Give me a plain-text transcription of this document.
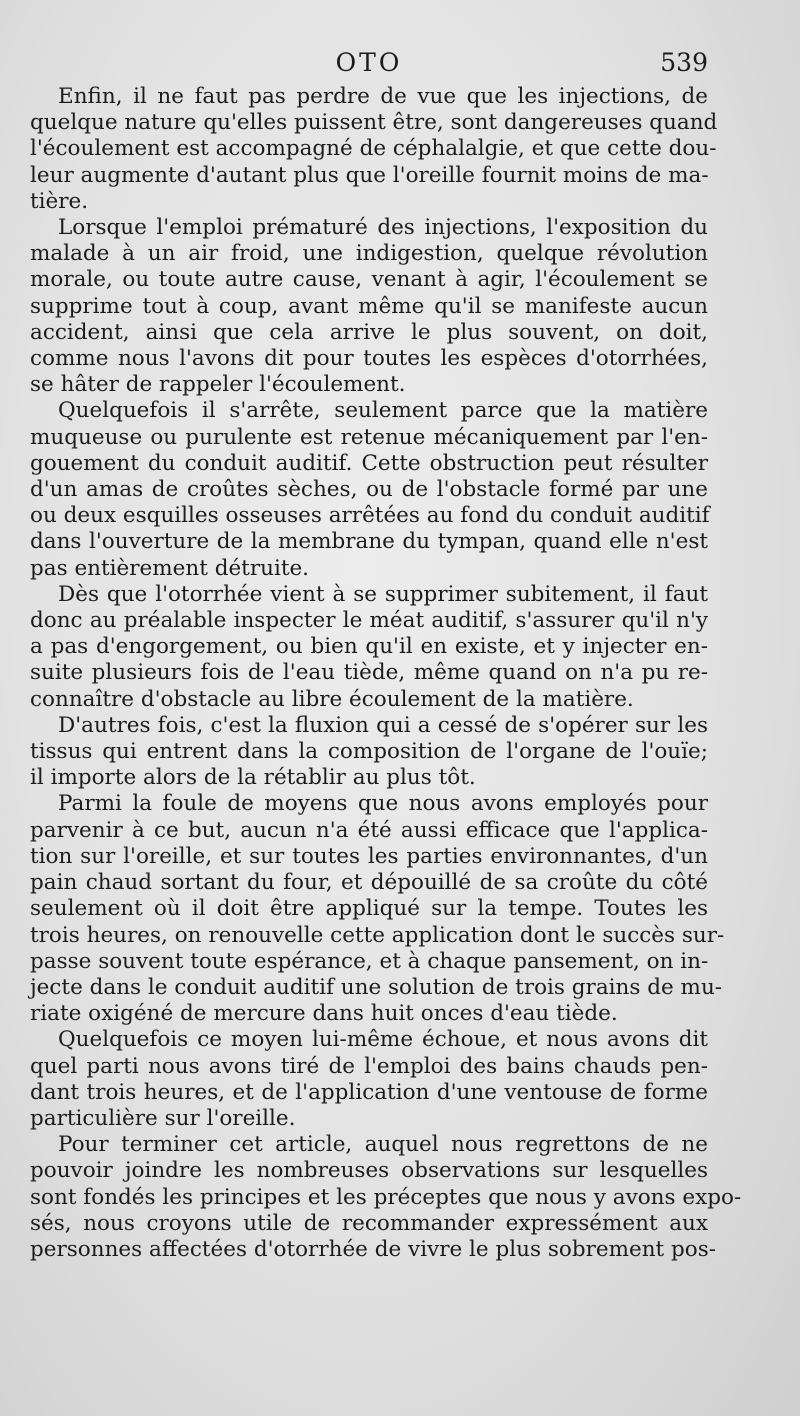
OTO	539
Enfin, il ne faut pas perdre de vue que les injections, de
quelque nature qu'elles puissent être, sont dangereuses quand
l'écoulement est accompagné de céphalalgie, et que cette dou-
leur augmente d'autant plus que l'oreille fournit moins de ma-
tière.
Lorsque l'emploi prématuré des injections, l'exposition du
malade à un air froid, une indigestion, quelque révolution
morale, ou toute autre cause, venant à agir, l'écoulement se
supprime tout à coup, avant même qu'il se manifeste aucun
accident, ainsi que cela arrive le plus souvent, on doit,
comme nous l'avons dit pour toutes les espèces d'otorrhées,
se hâter de rappeler l'écoulement.
Quelquefois il s'arrête, seulement parce que la matière
muqueuse ou purulente est retenue mécaniquement par l'en-
gouement du conduit auditif. Cette obstruction peut résulter
d'un amas de croûtes sèches, ou de l'obstacle formé par une
ou deux esquilles osseuses arrêtées au fond du conduit auditif
dans l'ouverture de la membrane du tympan, quand elle n'est
pas entièrement détruite.
Dès que l'otorrhée vient à se supprimer subitement, il faut
donc au préalable inspecter le méat auditif, s'assurer qu'il n'y
a pas d'engorgement, ou bien qu'il en existe, et y injecter en-
suite plusieurs fois de l'eau tiède, même quand on n'a pu re-
connaître d'obstacle au libre écoulement de la matière.
D'autres fois, c'est la fluxion qui a cessé de s'opérer sur les
tissus qui entrent dans la composition de l'organe de l'ouïe;
il importe alors de la rétablir au plus tôt.
Parmi la foule de moyens que nous avons employés pour
parvenir à ce but, aucun n'a été aussi efficace que l'applica-
tion sur l'oreille, et sur toutes les parties environnantes, d'un
pain chaud sortant du four, et dépouillé de sa croûte du côté
seulement où il doit être appliqué sur la tempe. Toutes les
trois heures, on renouvelle cette application dont le succès sur-
passe souvent toute espérance, et à chaque pansement, on in-
jecte dans le conduit auditif une solution de trois grains de mu-
riate oxigéné de mercure dans huit onces d'eau tiède.
Quelquefois ce moyen lui-même échoue, et nous avons dit
quel parti nous avons tiré de l'emploi des bains chauds pen-
dant trois heures, et de l'application d'une ventouse de forme
particulière sur l'oreille.
Pour terminer cet article, auquel nous regrettons de ne
pouvoir joindre les nombreuses observations sur lesquelles
sont fondés les principes et les préceptes que nous y avons expo-
sés, nous croyons utile de recommander expressément aux
personnes affectées d'otorrhée de vivre le plus sobrement pos-
